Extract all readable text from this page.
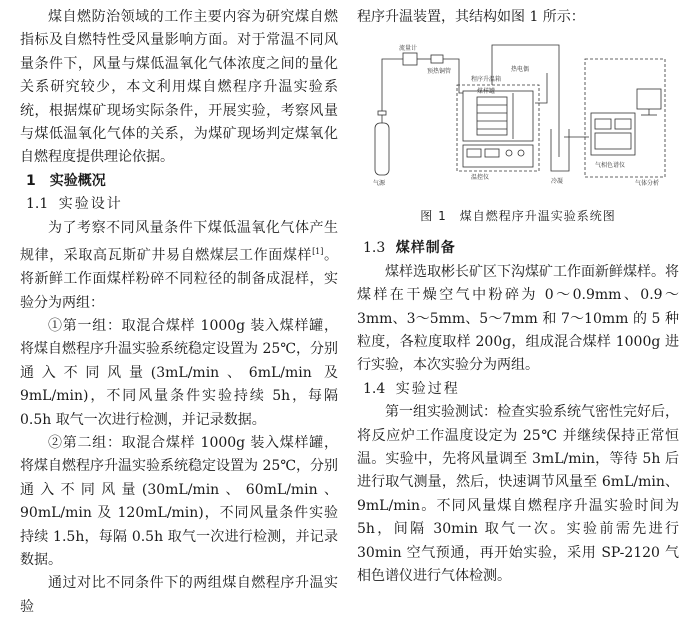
煤自燃防治领域的工作主要内容为研究煤自燃指标及自燃特性受风量影响方面。对于常温不同风量条件下，风量与煤低温氧化气体浓度之间的量化关系研究较少，本文利用煤自燃程序升温实验系统，根据煤矿现场实际条件，开展实验，考察风量与煤低温氧化气体的关系，为煤矿现场判定煤氧化自燃程度提供理论依据。

1　实验概况
1.1 实验设计

为了考察不同风量条件下煤低温氧化气体产生规律，采取高瓦斯矿井易自燃煤层工作面煤样[1]。将新鲜工作面煤样粉碎不同粒径的制备成混样，实验分为两组：

①第一组：取混合煤样 1000g 装入煤样罐，将煤自燃程序升温实验系统稳定设置为 25℃，分别通入不同风量(3mL/min、6mL/min 及 9mL/min)，不同风量条件实验持续 5h，每隔 0.5h 取气一次进行检测，并记录数据。

②第二组：取混合煤样 1000g 装入煤样罐，将煤自燃程序升温实验系统稳定设置为 25℃，分别通入不同风量(30mL/min、60mL/min、90mL/min 及 120mL/min)，不同风量条件实验持续 1.5h，每隔 0.5h 取气一次进行检测，并记录数据。

通过对比不同条件下的两组煤自燃程序升温实验

程序升温装置，其结构如图 1 所示：

气源
流量计
预热铜管
程序升温箱
热电偶
煤样罐
温控仪
冷凝
气相色谱仪
气体分析
图 1　煤自燃程序升温实验系统图
1.3 煤样制备

煤样选取彬长矿区下沟煤矿工作面新鲜煤样。将煤样在干燥空气中粉碎为 0～0.9mm、0.9～3mm、3～5mm、5～7mm 和 7～10mm 的 5 种粒度，各粒度取样 200g，组成混合煤样 1000g 进行实验，本次实验分为两组。

1.4 实验过程

第一组实验测试：检查实验系统气密性完好后，将反应炉工作温度设定为 25℃ 并继续保持正常恒温。实验中，先将风量调至 3mL/min，等待 5h 后进行取气测量，然后，快速调节风量至 6mL/min、9mL/min。不同风量煤自燃程序升温实验时间为 5h，间隔 30min 取气一次。实验前需先进行 30min 空气预通，再开始实验，采用 SP-2120 气相色谱仪进行气体检测。
